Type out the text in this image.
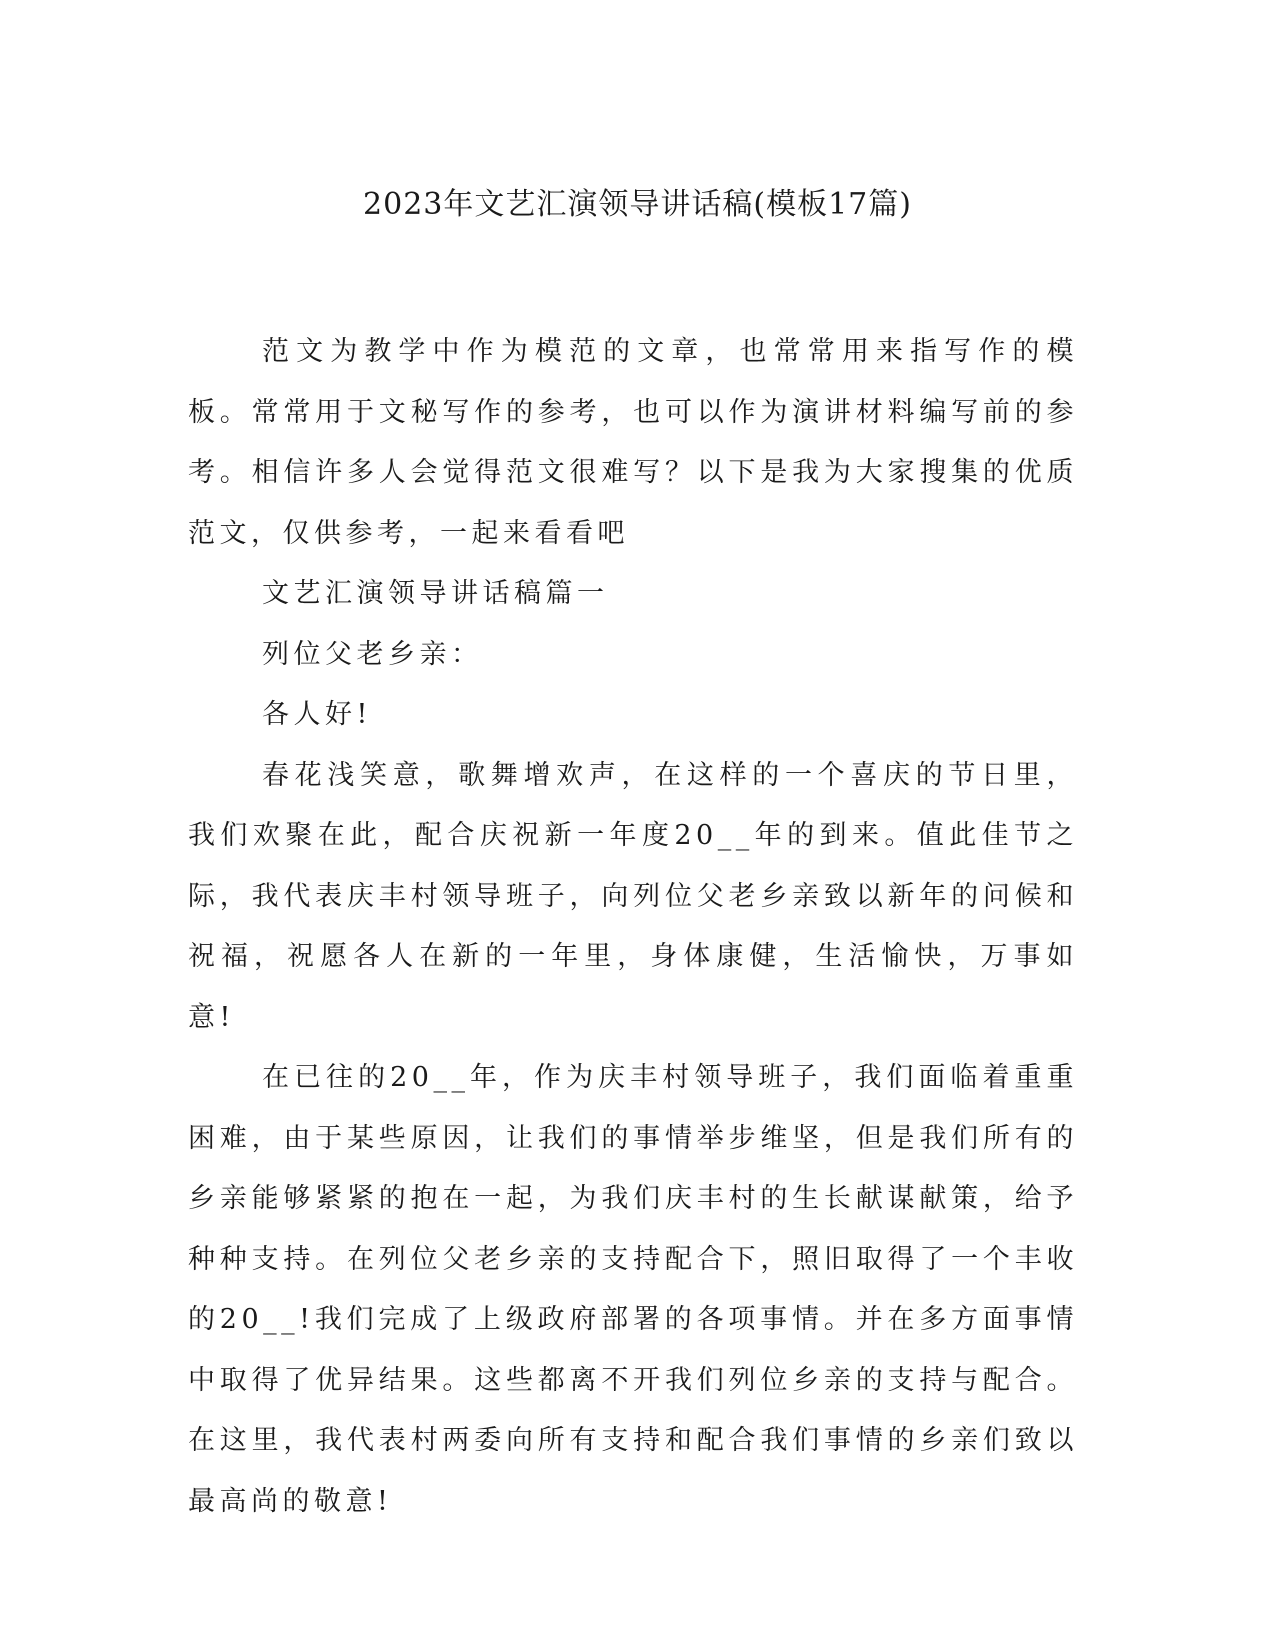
2023年文艺汇演领导讲话稿(模板17篇)

范文为教学中作为模范的文章，也常常用来指写作的模板。常常用于文秘写作的参考，也可以作为演讲材料编写前的参考。相信许多人会觉得范文很难写？以下是我为大家搜集的优质范文，仅供参考，一起来看看吧

文艺汇演领导讲话稿篇一

列位父老乡亲：

各人好!

春花浅笑意，歌舞增欢声，在这样的一个喜庆的节日里，我们欢聚在此，配合庆祝新一年度20__年的到来。值此佳节之际，我代表庆丰村领导班子，向列位父老乡亲致以新年的问候和祝福，祝愿各人在新的一年里，身体康健，生活愉快，万事如意!

在已往的20__年，作为庆丰村领导班子，我们面临着重重困难，由于某些原因，让我们的事情举步维坚，但是我们所有的乡亲能够紧紧的抱在一起，为我们庆丰村的生长献谋献策，给予种种支持。在列位父老乡亲的支持配合下，照旧取得了一个丰收的20__!我们完成了上级政府部署的各项事情。并在多方面事情中取得了优异结果。这些都离不开我们列位乡亲的支持与配合。在这里，我代表村两委向所有支持和配合我们事情的乡亲们致以最高尚的敬意!
